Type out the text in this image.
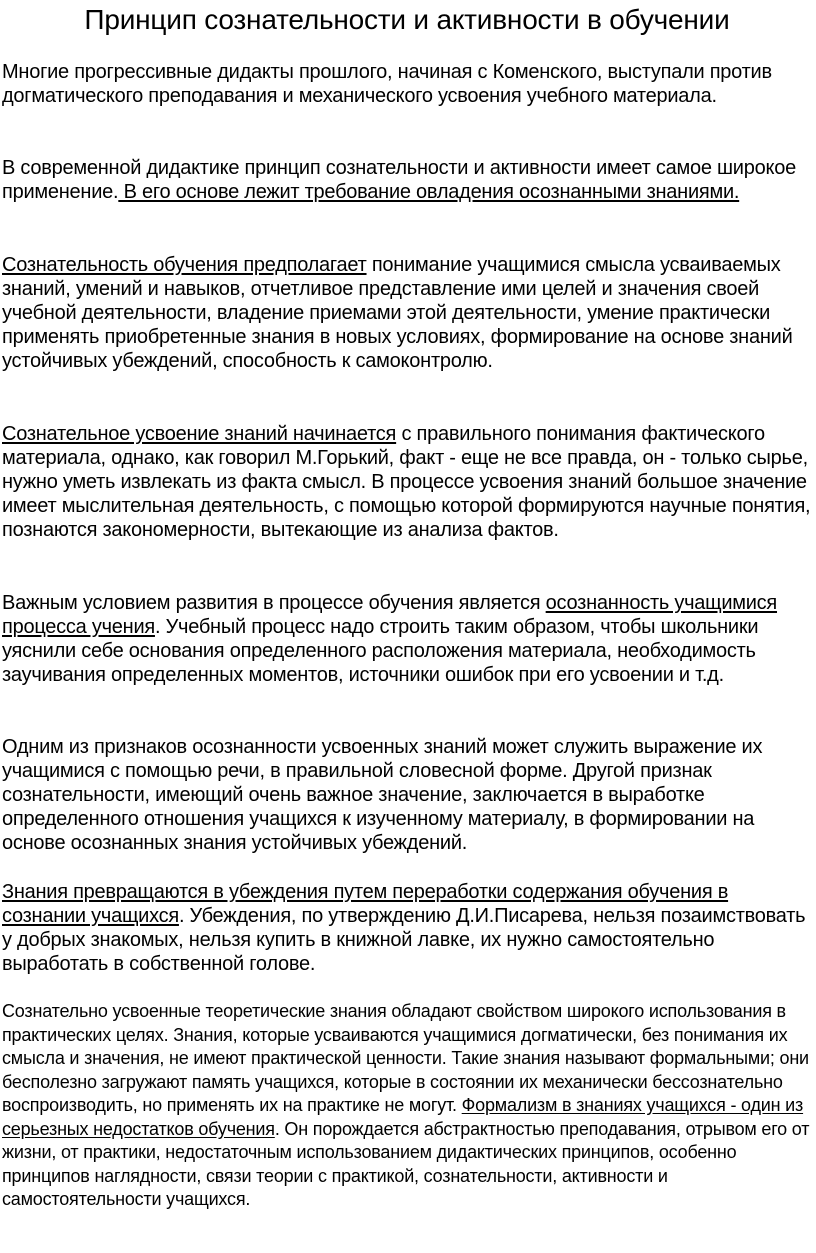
Принцип сознательности и активности в обучении

Многие прогрессивные дидакты прошлого, начиная с Коменского, выступали против догматического преподавания и механического усвоения учебного материала.

В современной дидактике принцип сознательности и активности имеет самое широкое применение. В его основе лежит требование овладения осознанными знаниями.

Сознательность обучения предполагает понимание учащимися смысла усваиваемых знаний, умений и навыков, отчетливое представление ими целей и значения своей учебной деятельности, владение приемами этой деятельности, умение практически применять приобретенные знания в новых условиях, формирование на основе знаний устойчивых убеждений, способность к самоконтролю.

Сознательное усвоение знаний начинается с правильного понимания фактического материала, однако, как говорил М.Горький, факт - еще не все правда, он - только сырье, нужно уметь извлекать из факта смысл. В процессе усвоения знаний большое значение имеет мыслительная деятельность, с помощью которой формируются научные понятия, познаются закономерности, вытекающие из анализа фактов.

Важным условием развития в процессе обучения является осознанность учащимися процесса учения. Учебный процесс надо строить таким образом, чтобы школьники уяснили себе основания определенного расположения материала, необходимость заучивания определенных моментов, источники ошибок при его усвоении и т.д.

Одним из признаков осознанности усвоенных знаний может служить выражение их учащимися с помощью речи, в правильной словесной форме. Другой признак сознательности, имеющий очень важное значение, заключается в выработке определенного отношения учащихся к изученному материалу, в формировании на основе осознанных знания устойчивых убеждений.

Знания превращаются в убеждения путем переработки содержания обучения в сознании учащихся. Убеждения, по утверждению Д.И.Писарева, нельзя позаимствовать у добрых знакомых, нельзя купить в книжной лавке, их нужно самостоятельно выработать в собственной голове.

Сознательно усвоенные теоретические знания обладают свойством широкого использования в практических целях. Знания, которые усваиваются учащимися догматически, без понимания их смысла и значения, не имеют практической ценности. Такие знания называют формальными; они бесполезно загружают память учащихся, которые в состоянии их механически бессознательно воспроизводить, но применять их на практике не могут. Формализм в знаниях учащихся - один из серьезных недостатков обучения. Он порождается абстрактностью преподавания, отрывом его от жизни, от практики, недостаточным использованием дидактических принципов, особенно принципов наглядности, связи теории с практикой, сознательности, активности и самостоятельности учащихся.
